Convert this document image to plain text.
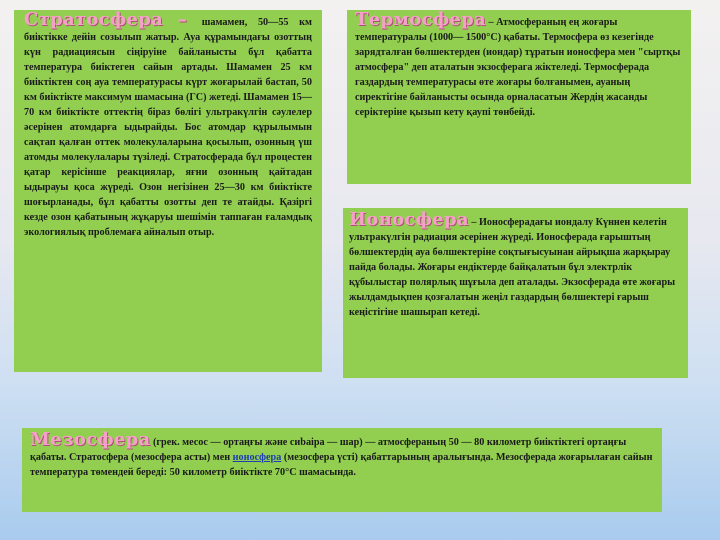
Стратосфера – шамамен, 50—55 км биіктікке дейін созылып жатыр. Ауа құрамындағы озоттың күн радиациясын сіңіруіне байланысты бұл қабатта температура биіктеген сайын артады. Шамамен 25 км биіктіктен соң ауа температурасы күрт жоғарылай бастап, 50 км биіктікте максимум шамасына (ГС) жетеді. Шамамен 15—70 км биіктікте оттектің біраз бөлігі ультракүлгін сәулелер әсерінен атомдарға ыдырайды. Бос атомдар құрылымын сақтап қалған оттек молекулаларына қосылып, озонның үш атомды молекулалары түзіледі. Стратосферада бұл процестен қатар керісінше реакциялар, яғни озонның қайтадан ыдырауы қоса жүреді. Озон негізінен 25—30 км биіктікте шоғырланады, бұл қабатты озотты деп те атайды. Қазіргі кезде озон қабатының жұқаруы шешімін таппаған ғаламдық экологиялық проблемаға айналып отыр.

Термосфера – Атмосфераның ең жоғары температуралы (1000— 1500°С) қабаты. Термосфера өз кезегінде зарядталған бөлшектерден (иондар) тұратын ионосфера мен "сыртқы атмосфера" деп аталатын экзосферага жіктеледі. Термосферада газдардың температурасы өте жоғары болғанымен, ауаның сиректігіне байланысты осында орналасатын Жердің жасанды серіктеріне қызып кету қаупі төнбейді.

Ионосфера – Ионосферадағы иондалу Күннен келетін ультракүлгін радиация әсерінен жүреді. Ионосферада ғарыштың бөлшектердің ауа бөлшектеріне соқтығысуынан айрықша жарқырау пайда болады. Жоғары ендіктерде байқалатын бұл электрлік құбылыстар полярлық шұғыла деп аталады. Экзосферада өте жоғары жылдамдықпен қозғалатын жеңіл газдардың бөлшектері ғарыш кеңістігіне шашырап кетеді.

Мезосфера (грек. месос — ортаңғы және сиbaіра — шар) — атмосфераның 50 — 80 километр биіктіктегі ортаңғы қабаты. Стратосфера (мезосфера асты) мен ионосфера (мезосфера үсті) қабаттарының аралығында. Мезосферада жоғарылаған сайын температура төмендей береді: 50 километр биіктікте 70°С шамасында.
